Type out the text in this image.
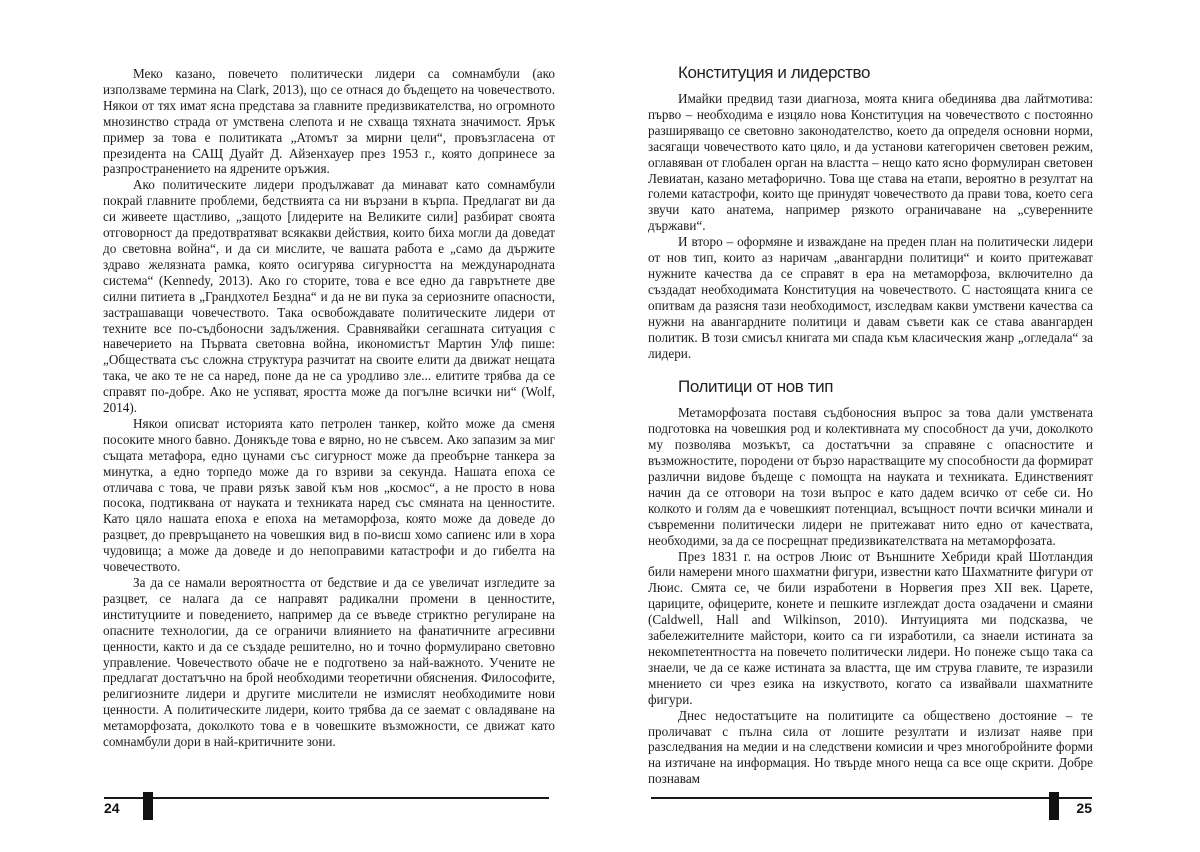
Меко казано, повечето политически лидери са сомнамбули (ако използваме термина на Clark, 2013), що се отнася до бъдещето на човечеството. Някои от тях имат ясна представа за главните предизвикателства, но огромното мнозинство страда от умствена слепота и не схваща тяхната значимост. Ярък пример за това е политиката „Атомът за мирни цели“, провъзгласена от президента на САЩ Дуайт Д. Айзенхауер през 1953 г., която допринесе за разпространението на ядрените оръжия.

Ако политическите лидери продължават да минават като сомнамбули покрай главните проблеми, бедствията са ни вързани в кърпа. Предлагат ви да си живеете щастливо, „защото [лидерите на Великите сили] разбират своята отговорност да предотвратяват всякакви действия, които биха могли да доведат до световна война“, и да си мислите, че вашата работа е „само да държите здраво желязната рамка, която осигурява сигурността на международната система“ (Kennedy, 2013). Ако го сторите, това е все едно да гаврътнете две силни питиета в „Грандхотел Бездна“ и да не ви пука за сериозните опасности, застрашаващи човечеството. Така освобождавате политическите лидери от техните все по-съдбоносни задължения. Сравнявайки сегашната ситуация с навечерието на Първата световна война, икономистът Мартин Улф пише: „Обществата със сложна структура разчитат на своите елити да движат нещата така, че ако те не са наред, поне да не са уродливо зле... елитите трябва да се справят по-добре. Ако не успяват, яростта може да погълне всички ни“ (Wolf, 2014).

Някои описват историята като петролен танкер, който може да сменя посоките много бавно. Донякъде това е вярно, но не съвсем. Ако запазим за миг същата метафора, едно цунами със сигурност може да преобърне танкера за минутка, а едно торпедо може да го взриви за секунда. Нашата епоха се отличава с това, че прави рязък завой към нов „космос“, а не просто в нова посока, подтиквана от науката и техниката наред със смяната на ценностите. Като цяло нашата епоха е епоха на метаморфоза, която може да доведе до разцвет, до превръщането на човешкия вид в по-висш хомо сапиенс или в хора чудовища; а може да доведе и до непоправими катастрофи и до гибелта на човечеството.

За да се намали вероятността от бедствие и да се увеличат изгледите за разцвет, се налага да се направят радикални промени в ценностите, институциите и поведението, например да се въведе стриктно регулиране на опасните технологии, да се ограничи влиянието на фанатичните агресивни ценности, както и да се създаде решително, но и точно формулирано световно управление. Човечеството обаче не е подготвено за най-важното. Учените не предлагат достатъчно на брой необходими теоретични обяснения. Философите, религиозните лидери и другите мислители не измислят необходимите нови ценности. А политическите лидери, които трябва да се заемат с овладяване на метаморфозата, доколкото това е в човешките възможности, се движат като сомнамбули дори в най-критичните зони.

Конституция и лидерство

Имайки предвид тази диагноза, моята книга обединява два лайтмотива: първо – необходима е изцяло нова Конституция на човечеството с постоянно разширяващо се световно законодателство, което да определя основни норми, засягащи човечеството като цяло, и да установи категоричен световен режим, оглавяван от глобален орган на властта – нещо като ясно формулиран световен Левиатан, казано метафорично. Това ще става на етапи, вероятно в резултат на големи катастрофи, които ще принудят човечеството да прави това, което сега звучи като анатема, например рязкото ограничаване на „суверенните държави“.

И второ – оформяне и изваждане на преден план на политически лидери от нов тип, които аз наричам „авангардни политици“ и които притежават нужните качества да се справят в ера на метаморфоза, включително да създадат необходимата Конституция на човечеството. С настоящата книга се опитвам да разясня тази необходимост, изследвам какви умствени качества са нужни на авангардните политици и давам съвети как се става авангарден политик. В този смисъл книгата ми спада към класическия жанр „огледала“ за лидери.

Политици от нов тип

Метаморфозата поставя съдбоносния въпрос за това дали умствената подготовка на човешкия род и колективната му способност да учи, доколкото му позволява мозъкът, са достатъчни за справяне с опасностите и възможностите, породени от бързо нарастващите му способности да формират различни видове бъдеще с помощта на науката и техниката. Единственият начин да се отговори на този въпрос е като дадем всичко от себе си. Но колкото и голям да е човешкият потенциал, всъщност почти всички минали и съвременни политически лидери не притежават нито едно от качествата, необходими, за да се посрещнат предизвикателствата на метаморфозата.

През 1831 г. на остров Люис от Външните Хебриди край Шотландия били намерени много шахматни фигури, известни като Шахматните фигури от Люис. Смята се, че били изработени в Норвегия през XII век. Царете, цариците, офицерите, конете и пешките изглеждат доста озадачени и смаяни (Caldwell, Hall and Wilkinson, 2010). Интуицията ми подсказва, че забележителните майстори, които са ги изработили, са знаели истината за некомпетентността на повечето политически лидери. Но понеже също така са знаели, че да се каже истината за властта, ще им струва главите, те изразили мнението си чрез езика на изкуството, когато са извайвали шахматните фигури.

Днес недостатъците на политиците са обществено достояние – те проличават с пълна сила от лошите резултати и излизат наяве при разследвания на медии и на следствени комисии и чрез многобройните форми на изтичане на информация. Но твърде много неща са все още скрити. Добре познавам

24	25
